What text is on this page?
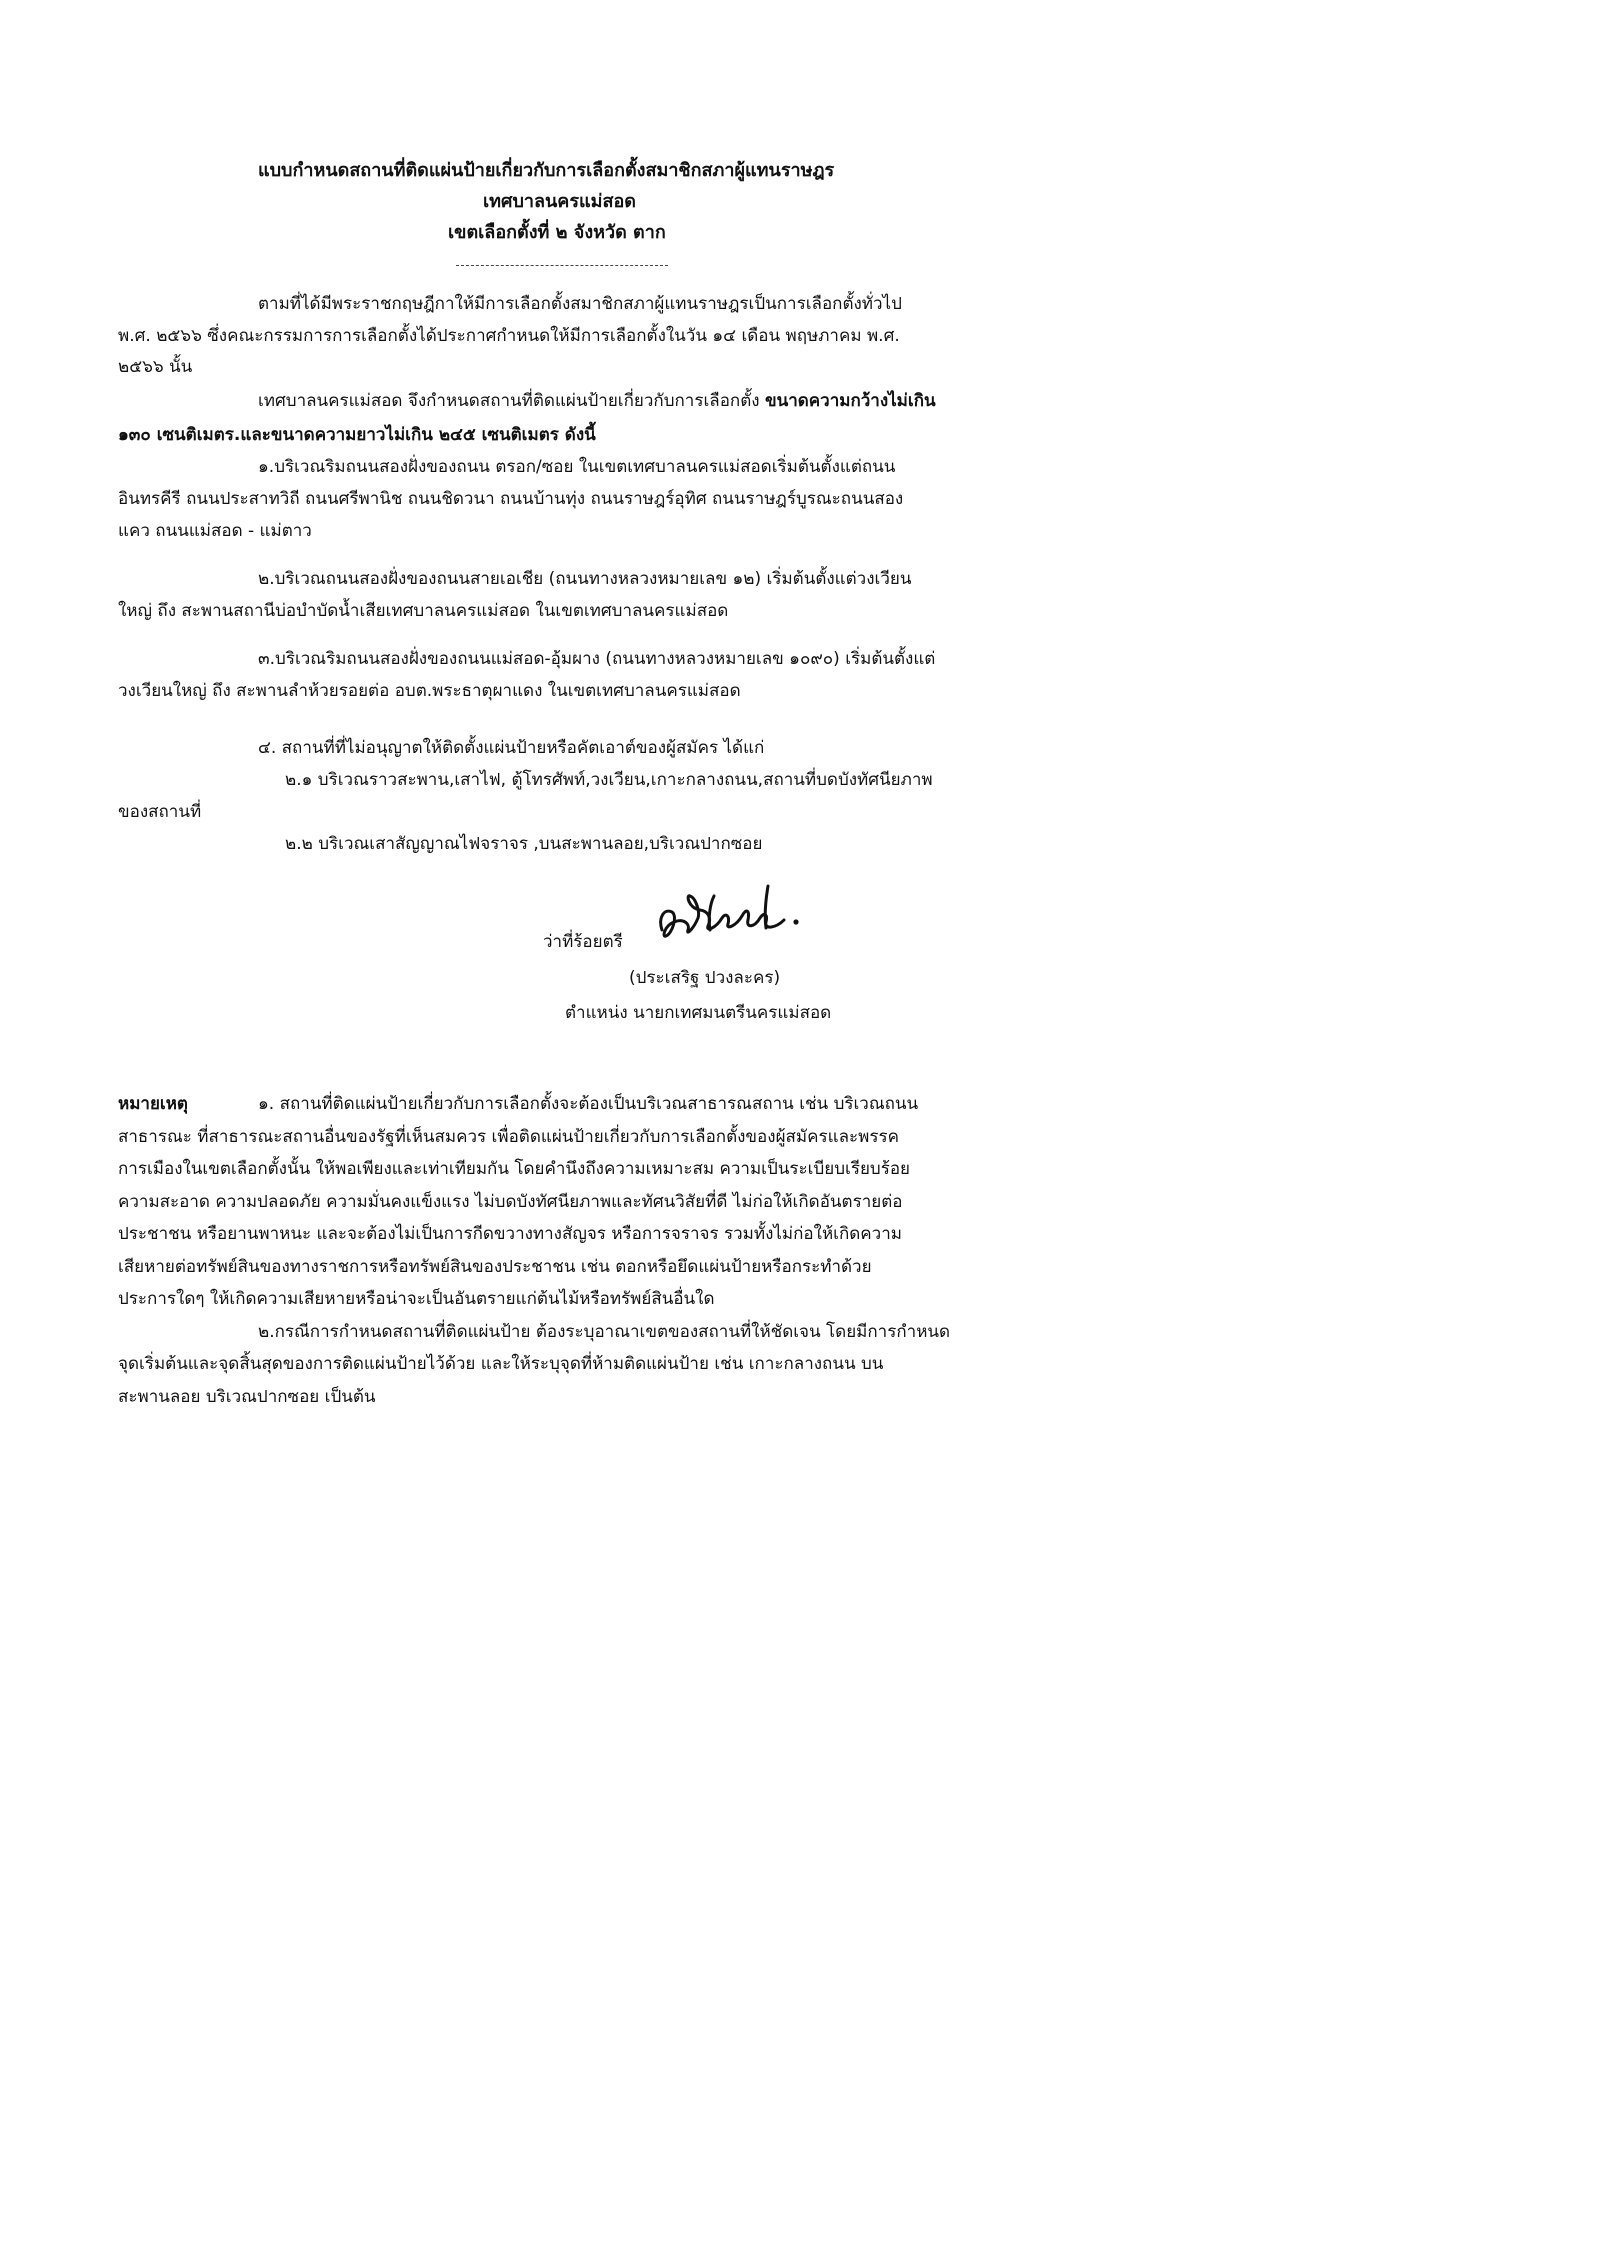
แบบกำหนดสถานที่ติดแผ่นป้ายเกี่ยวกับการเลือกตั้งสมาชิกสภาผู้แทนราษฎร
เทศบาลนครแม่สอด
เขตเลือกตั้งที่ ๒ จังหวัด ตาก
ตามที่ได้มีพระราชกฤษฎีกาให้มีการเลือกตั้งสมาชิกสภาผู้แทนราษฎรเป็นการเลือกตั้งทั่วไป
พ.ศ. ๒๕๖๖ ซึ่งคณะกรรมการการเลือกตั้งได้ประกาศกำหนดให้มีการเลือกตั้งในวัน ๑๔ เดือน พฤษภาคม พ.ศ.
๒๕๖๖ นั้น
เทศบาลนครแม่สอด จึงกำหนดสถานที่ติดแผ่นป้ายเกี่ยวกับการเลือกตั้ง ขนาดความกว้างไม่เกิน
๑๓๐ เซนติเมตร.และขนาดความยาวไม่เกิน ๒๔๕ เซนติเมตร ดังนี้
๑.บริเวณริมถนนสองฝั่งของถนน ตรอก/ซอย ในเขตเทศบาลนครแม่สอดเริ่มต้นตั้งแต่ถนน
อินทรคีรี ถนนประสาทวิถี ถนนศรีพานิช ถนนชิดวนา ถนนบ้านทุ่ง ถนนราษฎร์อุทิศ ถนนราษฎร์บูรณะถนนสอง
แคว ถนนแม่สอด - แม่ตาว
๒.บริเวณถนนสองฝั่งของถนนสายเอเชีย (ถนนทางหลวงหมายเลข ๑๒) เริ่มต้นตั้งแต่วงเวียน
ใหญ่ ถึง สะพานสถานีบ่อบำบัดน้ำเสียเทศบาลนครแม่สอด ในเขตเทศบาลนครแม่สอด
๓.บริเวณริมถนนสองฝั่งของถนนแม่สอด-อุ้มผาง (ถนนทางหลวงหมายเลข ๑๐๙๐) เริ่มต้นตั้งแต่
วงเวียนใหญ่ ถึง สะพานลำห้วยรอยต่อ อบต.พระธาตุผาแดง ในเขตเทศบาลนครแม่สอด
๔. สถานที่ที่ไม่อนุญาตให้ติดตั้งแผ่นป้ายหรือคัตเอาต์ของผู้สมัคร ได้แก่
๒.๑ บริเวณราวสะพาน,เสาไฟ, ตู้โทรศัพท์,วงเวียน,เกาะกลางถนน,สถานที่บดบังทัศนียภาพ
ของสถานที่
๒.๒ บริเวณเสาสัญญาณไฟจราจร ,บนสะพานลอย,บริเวณปากซอย
ว่าที่ร้อยตรี
(ประเสริฐ ปวงละคร)
ตำแหน่ง นายกเทศมนตรีนครแม่สอด
หมายเหตุ	๑. สถานที่ติดแผ่นป้ายเกี่ยวกับการเลือกตั้งจะต้องเป็นบริเวณสาธารณสถาน เช่น บริเวณถนน
สาธารณะ ที่สาธารณะสถานอื่นของรัฐที่เห็นสมควร เพื่อติดแผ่นป้ายเกี่ยวกับการเลือกตั้งของผู้สมัครและพรรค
การเมืองในเขตเลือกตั้งนั้น ให้พอเพียงและเท่าเทียมกัน โดยคำนึงถึงความเหมาะสม ความเป็นระเบียบเรียบร้อย
ความสะอาด ความปลอดภัย ความมั่นคงแข็งแรง ไม่บดบังทัศนียภาพและทัศนวิสัยที่ดี ไม่ก่อให้เกิดอันตรายต่อ
ประชาชน หรือยานพาหนะ และจะต้องไม่เป็นการกีดขวางทางสัญจร หรือการจราจร รวมทั้งไม่ก่อให้เกิดความ
เสียหายต่อทรัพย์สินของทางราชการหรือทรัพย์สินของประชาชน เช่น ตอกหรือยึดแผ่นป้ายหรือกระทำด้วย
ประการใดๆ ให้เกิดความเสียหายหรือน่าจะเป็นอันตรายแก่ต้นไม้หรือทรัพย์สินอื่นใด
๒.กรณีการกำหนดสถานที่ติดแผ่นป้าย ต้องระบุอาณาเขตของสถานที่ให้ชัดเจน โดยมีการกำหนด
จุดเริ่มต้นและจุดสิ้นสุดของการติดแผ่นป้ายไว้ด้วย และให้ระบุจุดที่ห้ามติดแผ่นป้าย เช่น เกาะกลางถนน บน
สะพานลอย บริเวณปากซอย เป็นต้น
